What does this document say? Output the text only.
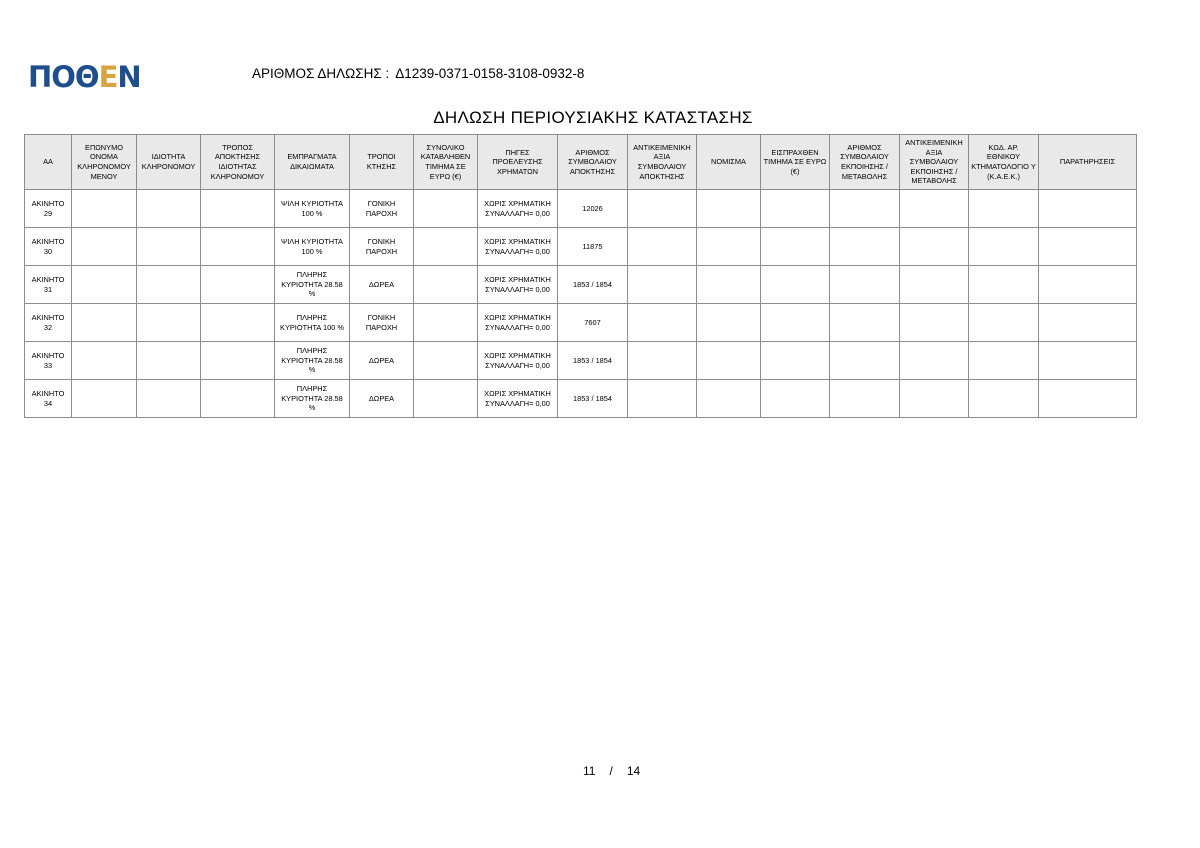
ΠΟΘΕΝ	ΑΡΙΘΜΟΣ ΔΗΛΩΣΗΣ : Δ1239-0371-0158-3108-0932-8
ΔΗΛΩΣΗ ΠΕΡΙΟΥΣΙΑΚΗΣ ΚΑΤΑΣΤΑΣΗΣ
ΑΑ	ΕΠΩΝΥΜΟ ΟΝΟΜΑ ΚΛΗΡΟΝΟΜΟΥ ΜΕΝΟΥ	ΙΔΙΟΤΗΤΑ ΚΛΗΡΟΝΟΜΟΥ	ΤΡΟΠΟΣ ΑΠΟΚΤΗΣΗΣ ΙΔΙΟΤΗΤΑΣ ΚΛΗΡΟΝΟΜΟΥ	ΕΜΠΡΑΓΜΑΤΑ ΔΙΚΑΙΩΜΑΤΑ	ΤΡΟΠΟΙ ΚΤΗΣΗΣ	ΣΥΝΟΛΙΚΟ ΚΑΤΑΒΛΗΘΕΝ ΤΙΜΗΜΑ ΣΕ ΕΥΡΩ (€)	ΠΗΓΕΣ ΠΡΟΕΛΕΥΣΗΣ ΧΡΗΜΑΤΩΝ	ΑΡΙΘΜΟΣ ΣΥΜΒΟΛΑΙΟΥ ΑΠΟΚΤΗΣΗΣ	ΑΝΤΙΚΕΙΜΕΝΙΚΗ ΑΞΙΑ ΣΥΜΒΟΛΑΙΟΥ ΑΠΟΚΤΗΣΗΣ	ΝΟΜΙΣΜΑ	ΕΙΣΠΡΑΧΘΕΝ ΤΙΜΗΜΑ ΣΕ ΕΥΡΩ (€)	ΑΡΙΘΜΟΣ ΣΥΜΒΟΛΑΙΟΥ ΕΚΠΟΙΗΣΗΣ /ΜΕΤΑΒΟΛΗΣ	ΑΝΤΙΚΕΙΜΕΝΙΚΗ ΑΞΙΑ ΣΥΜΒΟΛΑΙΟΥ ΕΚΠΟΙΗΣΗΣ / ΜΕΤΑΒΟΛΗΣ	ΚΩΔ. ΑΡ. ΕΘΝΙΚΟΥ ΚΤΗΜΑΤΟΛΟΓΙΟ Υ (Κ.Α.Ε.Κ.)	ΠΑΡΑΤΗΡΗΣΕΙΣ
ΑΚΙΝΗΤΟ 29				ΨΙΛΗ ΚΥΡΙΟΤΗΤΑ 100 %	ΓΟΝΙΚΗ ΠΑΡΟΧΗ		ΧΩΡΙΣ ΧΡΗΜΑΤΙΚΗ ΣΥΝΑΛΛΑΓΗ= 0,00	12026							
ΑΚΙΝΗΤΟ 30				ΨΙΛΗ ΚΥΡΙΟΤΗΤΑ 100 %	ΓΟΝΙΚΗ ΠΑΡΟΧΗ		ΧΩΡΙΣ ΧΡΗΜΑΤΙΚΗ ΣΥΝΑΛΛΑΓΗ= 0,00	11875							
ΑΚΙΝΗΤΟ 31				ΠΛΗΡΗΣ ΚΥΡΙΟΤΗΤΑ 28.58 %	ΔΩΡΕΑ		ΧΩΡΙΣ ΧΡΗΜΑΤΙΚΗ ΣΥΝΑΛΛΑΓΗ= 0,00	1853 / 1854							
ΑΚΙΝΗΤΟ 32				ΠΛΗΡΗΣ ΚΥΡΙΟΤΗΤΑ 100 %	ΓΟΝΙΚΗ ΠΑΡΟΧΗ		ΧΩΡΙΣ ΧΡΗΜΑΤΙΚΗ ΣΥΝΑΛΛΑΓΗ= 0,00	7607							
ΑΚΙΝΗΤΟ 33				ΠΛΗΡΗΣ ΚΥΡΙΟΤΗΤΑ 28.58 %	ΔΩΡΕΑ		ΧΩΡΙΣ ΧΡΗΜΑΤΙΚΗ ΣΥΝΑΛΛΑΓΗ= 0,00	1853 / 1854							
ΑΚΙΝΗΤΟ 34				ΠΛΗΡΗΣ ΚΥΡΙΟΤΗΤΑ 28.58 %	ΔΩΡΕΑ		ΧΩΡΙΣ ΧΡΗΜΑΤΙΚΗ ΣΥΝΑΛΛΑΓΗ= 0,00	1853 / 1854							
11 / 14
